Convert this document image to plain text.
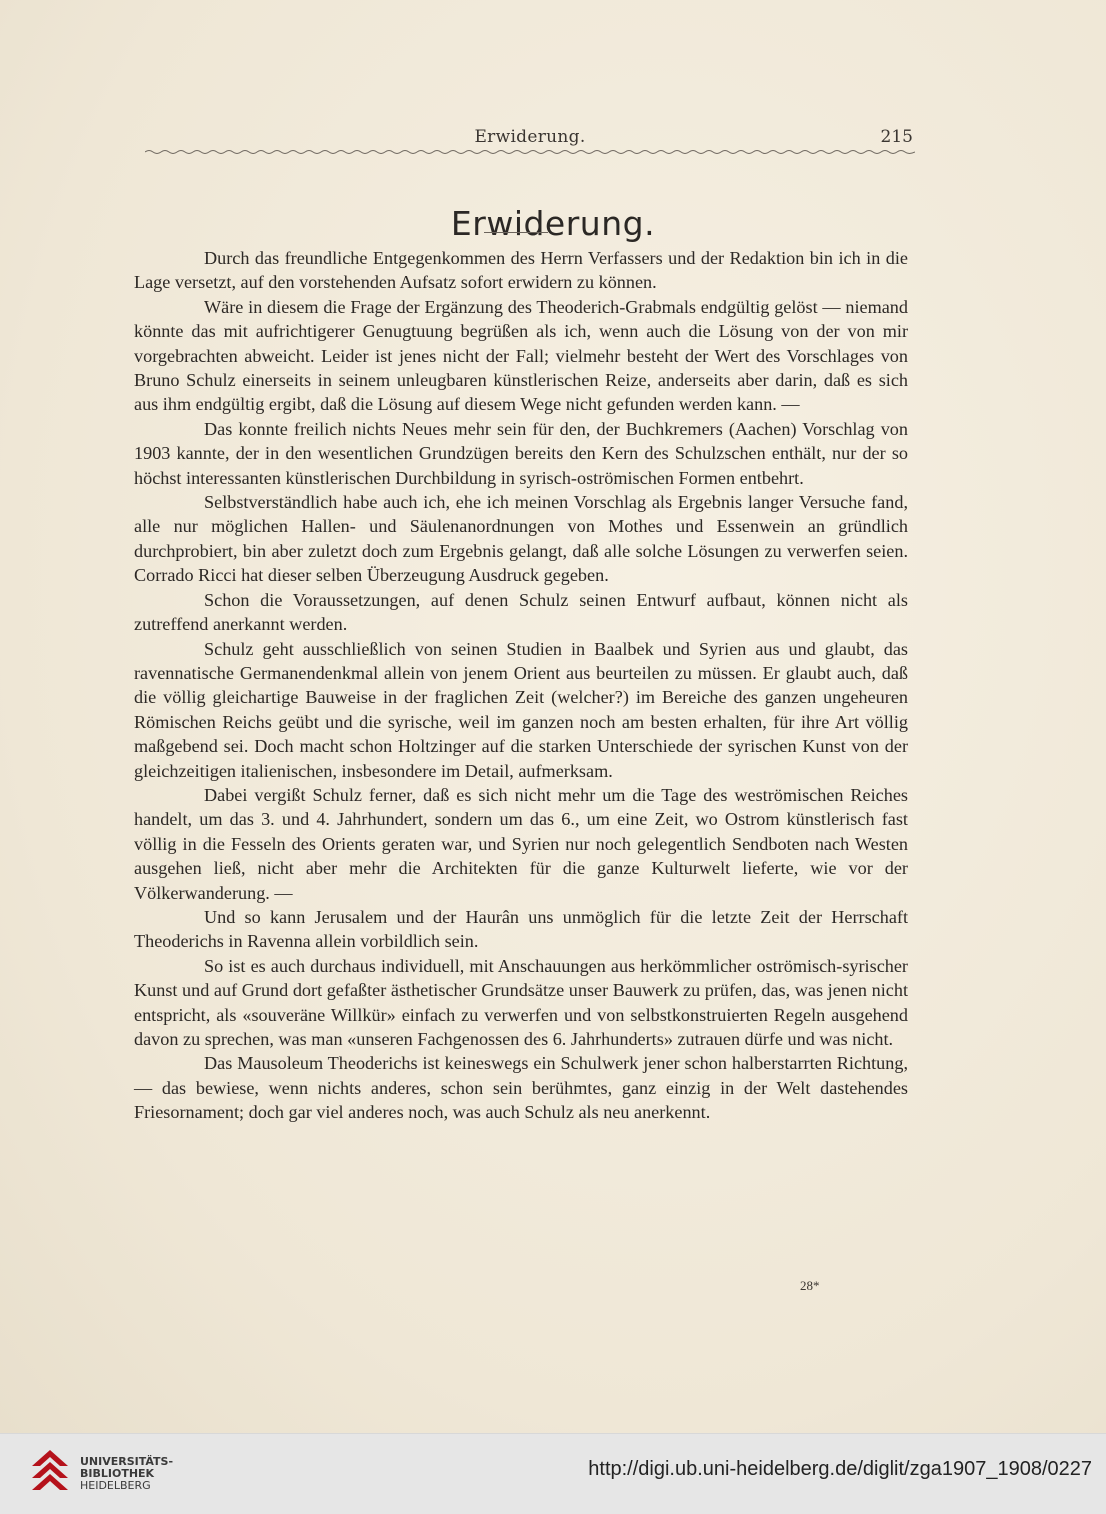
Erwiderung.	215
Erwiderung.

Durch das freundliche Entgegenkommen des Herrn Verfassers und der Redaktion bin ich in die Lage versetzt, auf den vorstehenden Aufsatz sofort erwidern zu können.

Wäre in diesem die Frage der Ergänzung des Theoderich-Grabmals endgültig gelöst — niemand könnte das mit aufrichtigerer Genugtuung begrüßen als ich, wenn auch die Lösung von der von mir vorgebrachten abweicht. Leider ist jenes nicht der Fall; vielmehr besteht der Wert des Vorschlages von Bruno Schulz einerseits in seinem unleugbaren künstlerischen Reize, anderseits aber darin, daß es sich aus ihm endgültig ergibt, daß die Lösung auf diesem Wege nicht gefunden werden kann. —

Das konnte freilich nichts Neues mehr sein für den, der Buchkremers (Aachen) Vorschlag von 1903 kannte, der in den wesentlichen Grundzügen bereits den Kern des Schulzschen enthält, nur der so höchst interessanten künstlerischen Durchbildung in syrisch-oströmischen Formen entbehrt.

Selbstverständlich habe auch ich, ehe ich meinen Vorschlag als Ergebnis langer Versuche fand, alle nur möglichen Hallen- und Säulenanordnungen von Mothes und Essenwein an gründlich durchprobiert, bin aber zuletzt doch zum Ergebnis gelangt, daß alle solche Lösungen zu verwerfen seien. Corrado Ricci hat dieser selben Überzeugung Ausdruck gegeben.

Schon die Voraussetzungen, auf denen Schulz seinen Entwurf aufbaut, können nicht als zutreffend anerkannt werden.

Schulz geht ausschließlich von seinen Studien in Baalbek und Syrien aus und glaubt, das ravennatische Germanendenkmal allein von jenem Orient aus beurteilen zu müssen. Er glaubt auch, daß die völlig gleichartige Bauweise in der fraglichen Zeit (welcher?) im Bereiche des ganzen ungeheuren Römischen Reichs geübt und die syrische, weil im ganzen noch am besten erhalten, für ihre Art völlig maßgebend sei. Doch macht schon Holtzinger auf die starken Unterschiede der syrischen Kunst von der gleichzeitigen italienischen, insbesondere im Detail, aufmerksam.

Dabei vergißt Schulz ferner, daß es sich nicht mehr um die Tage des weströmischen Reiches handelt, um das 3. und 4. Jahrhundert, sondern um das 6., um eine Zeit, wo Ostrom künstlerisch fast völlig in die Fesseln des Orients geraten war, und Syrien nur noch gelegentlich Sendboten nach Westen ausgehen ließ, nicht aber mehr die Architekten für die ganze Kulturwelt lieferte, wie vor der Völkerwanderung. —

Und so kann Jerusalem und der Haurân uns unmöglich für die letzte Zeit der Herrschaft Theoderichs in Ravenna allein vorbildlich sein.

So ist es auch durchaus individuell, mit Anschauungen aus herkömmlicher oströmisch-syrischer Kunst und auf Grund dort gefaßter ästhetischer Grundsätze unser Bauwerk zu prüfen, das, was jenen nicht entspricht, als «souveräne Willkür» einfach zu verwerfen und von selbstkonstruierten Regeln ausgehend davon zu sprechen, was man «unseren Fachgenossen des 6. Jahrhunderts» zutrauen dürfe und was nicht.

Das Mausoleum Theoderichs ist keineswegs ein Schulwerk jener schon halberstarrten Richtung, — das bewiese, wenn nichts anderes, schon sein berühmtes, ganz einzig in der Welt dastehendes Friesornament; doch gar viel anderes noch, was auch Schulz als neu anerkennt.

28*
UNIVERSITÄTS-
BIBLIOTHEK
HEIDELBERG
http://digi.ub.uni-heidelberg.de/diglit/zga1907_1908/0227
